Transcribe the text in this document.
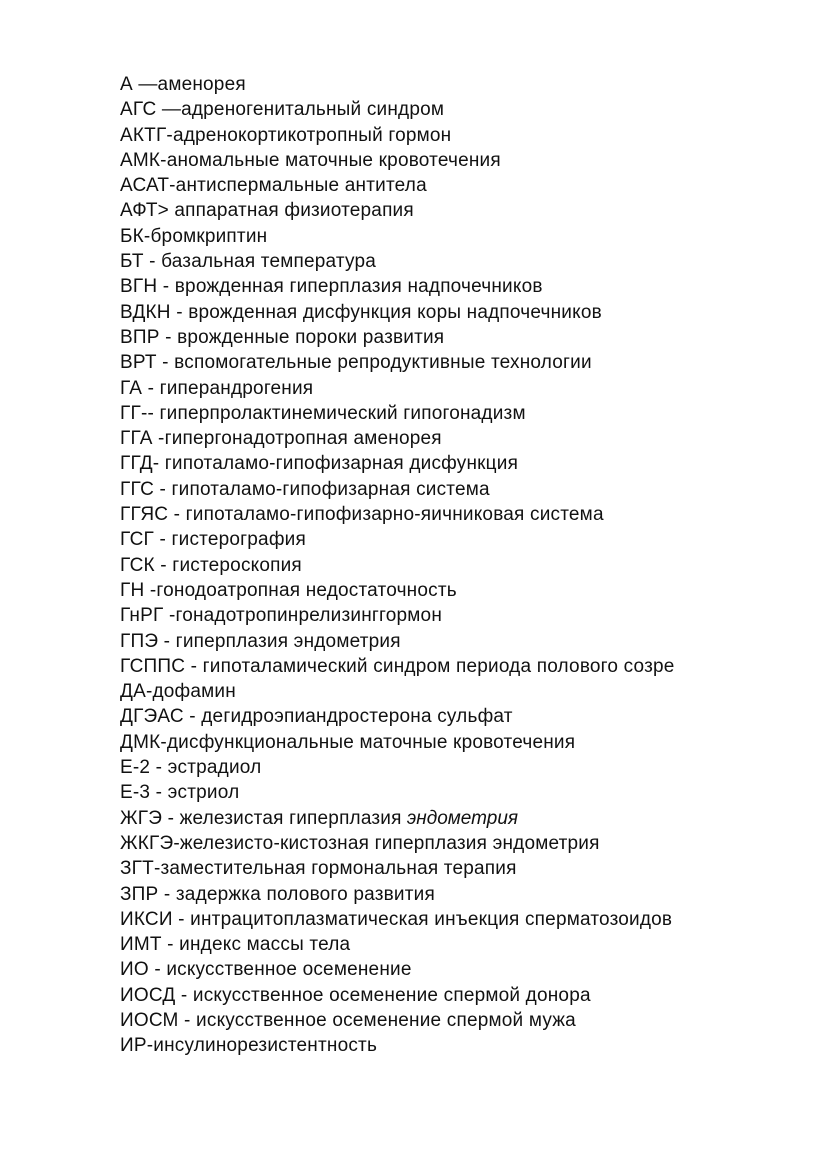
А —аменорея
АГС —адреногенитальный синдром
АКТГ-адренокортикотропный гормон
АМК-аномальные маточные кровотечения
АСАТ-антиспермальные антитела
АФТ> аппаратная физиотерапия
БК-бромкриптин
БТ - базальная температура
ВГН - врожденная гиперплазия надпочечников
ВДКН - врожденная дисфункция коры надпочечников
ВПР - врожденные пороки развития
ВРТ - вспомогательные репродуктивные технологии
ГА - гиперандрогения
ГГ-- гиперпролактинемический гипогонадизм
ГГА -гипергонадотропная аменорея
ГГД- гипоталамо-гипофизарная дисфункция
ГГС - гипоталамо-гипофизарная система
ГГЯС - гипоталамо-гипофизарно-яичниковая система
ГСГ - гистерография
ГСК - гистероскопия
ГН -гонодоатропная недостаточность
ГнРГ -гонадотропинрелизинггормон
ГПЭ - гиперплазия эндометрия
ГСППС - гипоталамический синдром периода полового созре
ДА-дофамин
ДГЭАС - дегидроэпиандростерона сульфат
ДМК-дисфункциональные маточные кровотечения
Е-2 - эстрадиол
Е-3 - эстриол
ЖГЭ - железистая гиперплазия эндометрия
ЖКГЭ-железисто-кистозная гиперплазия эндометрия
ЗГТ-заместительная гормональная терапия
ЗПР - задержка полового развития
ИКСИ - интрацитоплазматическая инъекция сперматозоидов
ИМТ - индекс массы тела
ИО - искусственное осеменение
ИОСД - искусственное осеменение спермой донора
ИОСМ - искусственное осеменение спермой мужа
ИР-инсулинорезистентность
